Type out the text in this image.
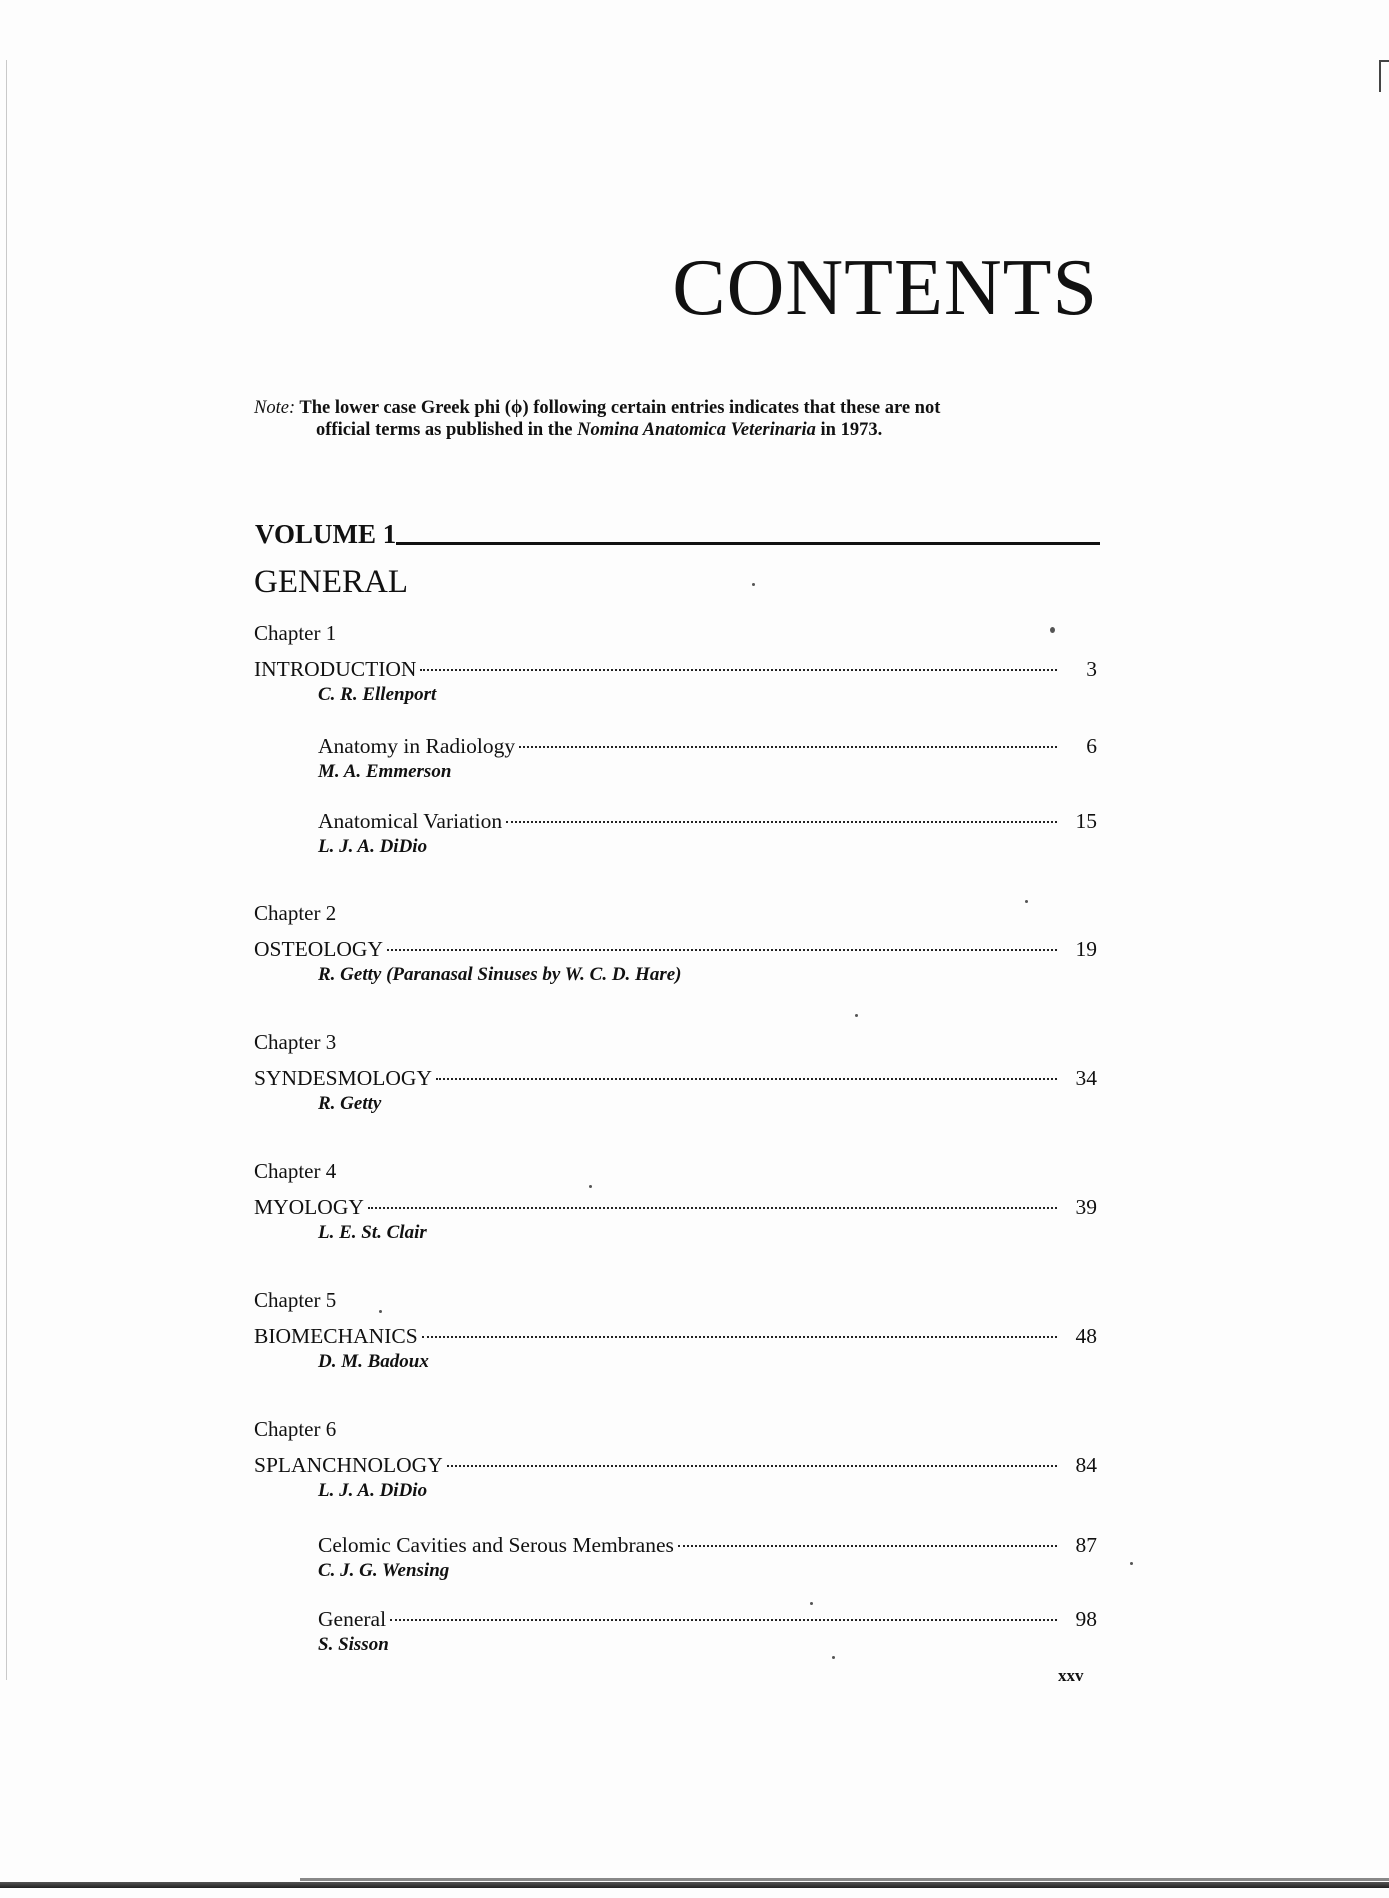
CONTENTS
Note: The lower case Greek phi (ϕ) following certain entries indicates that these are not
official terms as published in the Nomina Anatomica Veterinaria in 1973.
VOLUME 1
GENERAL
Chapter 1
INTRODUCTION	3
C. R. Ellenport
Anatomy in Radiology	6
M. A. Emmerson
Anatomical Variation	15
L. J. A. DiDio
Chapter 2
OSTEOLOGY	19
R. Getty (Paranasal Sinuses by W. C. D. Hare)
Chapter 3
SYNDESMOLOGY	34
R. Getty
Chapter 4
MYOLOGY	39
L. E. St. Clair
Chapter 5
BIOMECHANICS	48
D. M. Badoux
Chapter 6
SPLANCHNOLOGY	84
L. J. A. DiDio
Celomic Cavities and Serous Membranes	87
C. J. G. Wensing
General	98
S. Sisson
xxv
